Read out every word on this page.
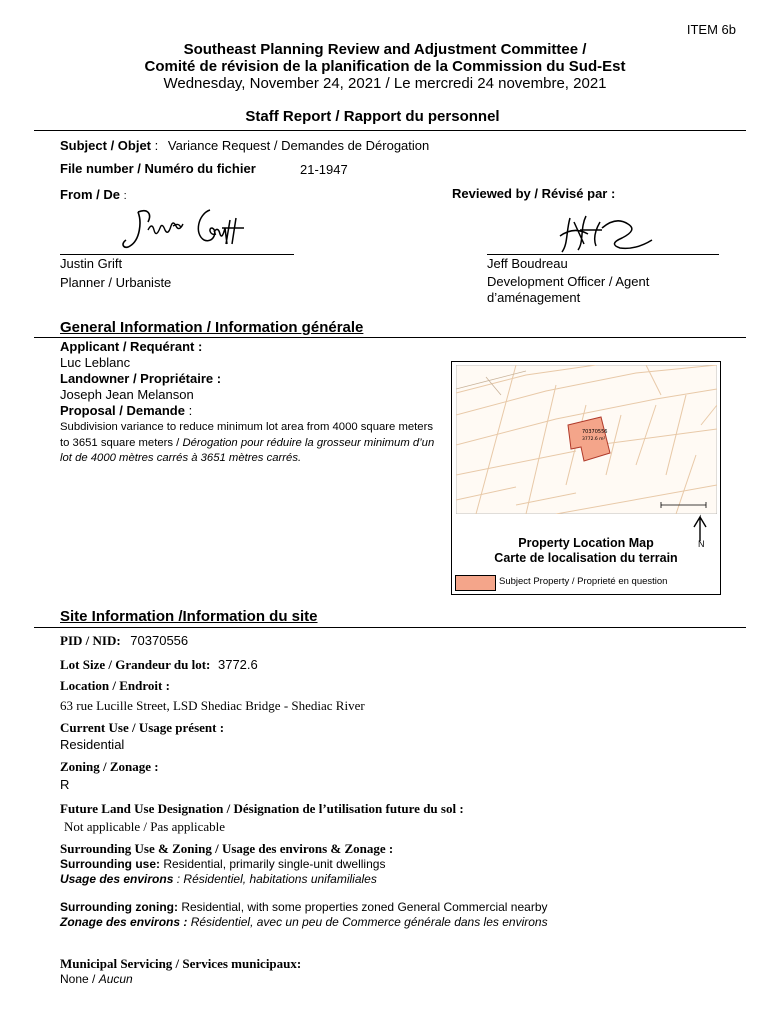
ITEM 6b
Southeast Planning Review and Adjustment Committee /
Comité de révision de la planification de la Commission du Sud-Est
Wednesday, November 24, 2021 / Le mercredi 24 novembre, 2021
Staff Report / Rapport du personnel
Subject / Objet : Variance Request / Demandes de Dérogation
File number / Numéro du fichier	21-1947
From / De :	Reviewed by / Révisé par :
Justin Grift
Planner / Urbaniste
Jeff Boudreau
Development Officer / Agent
d’aménagement
General Information / Information générale
Applicant / Requérant :
Luc Leblanc
Landowner / Propriétaire :
Joseph Jean Melanson
Proposal / Demande :
Subdivision variance to reduce minimum lot area from 4000 square meters to 3651 square meters / Dérogation pour réduire la grosseur minimum d’un lot de 4000 mètres carrés à 3651 mètres carrés.
70370556
3772.6 m²
N
Property Location Map
Carte de localisation du terrain
Subject Property / Proprieté en question
Site Information /Information du site
PID / NID: 70370556
Lot Size / Grandeur du lot: 3772.6
Location / Endroit :
63 rue Lucille Street, LSD Shediac Bridge - Shediac River
Current Use / Usage présent :
Residential
Zoning / Zonage :
R
Future Land Use Designation / Désignation de l’utilisation future du sol :
Not applicable / Pas applicable
Surrounding Use & Zoning / Usage des environs & Zonage :
Surrounding use: Residential, primarily single-unit dwellings
Usage des environs : Résidentiel, habitations unifamiliales
Surrounding zoning: Residential, with some properties zoned General Commercial nearby
Zonage des environs : Résidentiel, avec un peu de Commerce générale dans les environs
Municipal Servicing / Services municipaux:
None / Aucun
